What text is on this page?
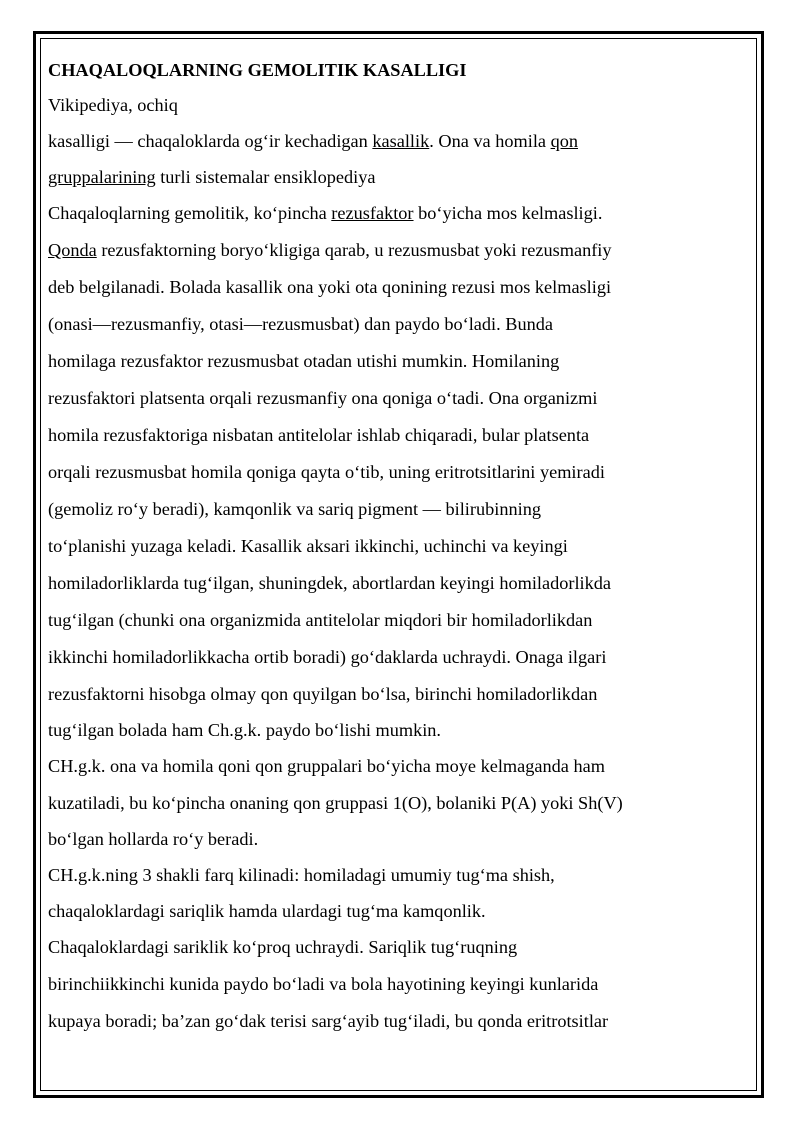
CHAQALOQLARNING GEMOLITIK KASALLIGI

Vikipediya, ochiq

kasalligi — chaqaloklarda og‘ir kechadigan kasallik. Ona va homila qon

gruppalarining turli sistemalar ensiklopediya

Chaqaloqlarning gemolitik, ko‘pincha rezusfaktor bo‘yicha mos kelmasligi.

Qonda rezusfaktorning boryo‘kligiga qarab, u rezusmusbat yoki rezusmanfiy

deb belgilanadi. Bolada kasallik ona yoki ota qonining rezusi mos kelmasligi

(onasi—rezusmanfiy, otasi—rezusmusbat) dan paydo bo‘ladi. Bunda

homilaga rezusfaktor rezusmusbat otadan utishi mumkin. Homilaning

rezusfaktori platsenta orqali rezusmanfiy ona qoniga o‘tadi. Ona organizmi

homila rezusfaktoriga nisbatan antitelolar ishlab chiqaradi, bular platsenta

orqali rezusmusbat homila qoniga qayta o‘tib, uning eritrotsitlarini yemiradi

(gemoliz ro‘y beradi), kamqonlik va sariq pigment — bilirubinning

to‘planishi yuzaga keladi. Kasallik aksari ikkinchi, uchinchi va keyingi

homiladorliklarda tug‘ilgan, shuningdek, abortlardan keyingi homiladorlikda

tug‘ilgan (chunki ona organizmida antitelolar miqdori bir homiladorlikdan

ikkinchi homiladorlikkacha ortib boradi) go‘daklarda uchraydi. Onaga ilgari

rezusfaktorni hisobga olmay qon quyilgan bo‘lsa, birinchi homiladorlikdan

tug‘ilgan bolada ham Ch.g.k. paydo bo‘lishi mumkin.

CH.g.k. ona va homila qoni qon gruppalari bo‘yicha moye kelmaganda ham

kuzatiladi, bu ko‘pincha onaning qon gruppasi 1(O), bolaniki P(A) yoki Sh(V)

bo‘lgan hollarda ro‘y beradi.

CH.g.k.ning 3 shakli farq kilinadi: homiladagi umumiy tug‘ma shish,

chaqaloklardagi sariqlik hamda ulardagi tug‘ma kamqonlik.

Chaqaloklardagi sariklik ko‘proq uchraydi. Sariqlik tug‘ruqning

birinchiikkinchi kunida paydo bo‘ladi va bola hayotining keyingi kunlarida

kupaya boradi; ba’zan go‘dak terisi sarg‘ayib tug‘iladi, bu qonda eritrotsitlar
